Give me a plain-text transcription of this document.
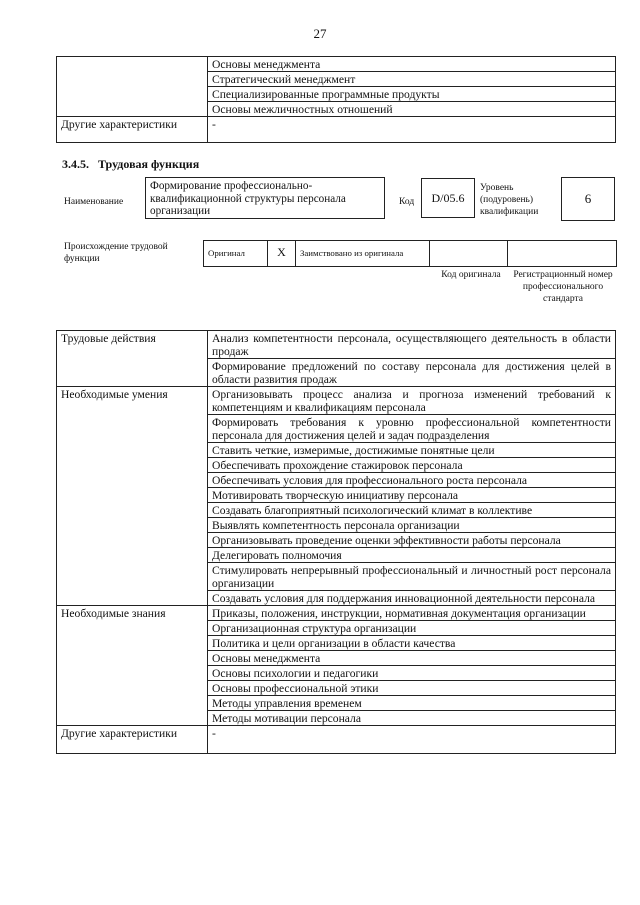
27
	Основы менеджмента
	Стратегический менеджмент
	Специализированные программные продукты
	Основы межличностных отношений
Другие характеристики	-
3.4.5. Трудовая функция
Наименование
Формирование профессионально-квалификационной структуры персонала организации
Код	D/05.6
Уровень (подуровень) квалификации
6
Происхождение трудовой функции
Оригинал	X	Заимствовано из оригинала
Код оригинала	Регистрационный номер профессионального стандарта
Трудовые действия	Анализ компетентности персонала, осуществляющего деятельность в области продаж
	Формирование предложений по составу персонала для достижения целей в области развития продаж
Необходимые умения	Организовывать процесс анализа и прогноза изменений требований к компетенциям и квалификациям персонала
	Формировать требования к уровню профессиональной компетентности персонала для достижения целей и задач подразделения
	Ставить четкие, измеримые, достижимые понятные цели
	Обеспечивать прохождение стажировок персонала
	Обеспечивать условия для профессионального роста персонала
	Мотивировать творческую инициативу персонала
	Создавать благоприятный психологический климат в коллективе
	Выявлять компетентность персонала организации
	Организовывать проведение оценки эффективности работы персонала
	Делегировать полномочия
	Стимулировать непрерывный профессиональный и личностный рост персонала организации
	Создавать условия для поддержания инновационной деятельности персонала
Необходимые знания	Приказы, положения, инструкции, нормативная документация организации
	Организационная структура организации
	Политика и цели организации в области качества
	Основы менеджмента
	Основы психологии и педагогики
	Основы профессиональной этики
	Методы управления временем
	Методы мотивации персонала
Другие характеристики	-
